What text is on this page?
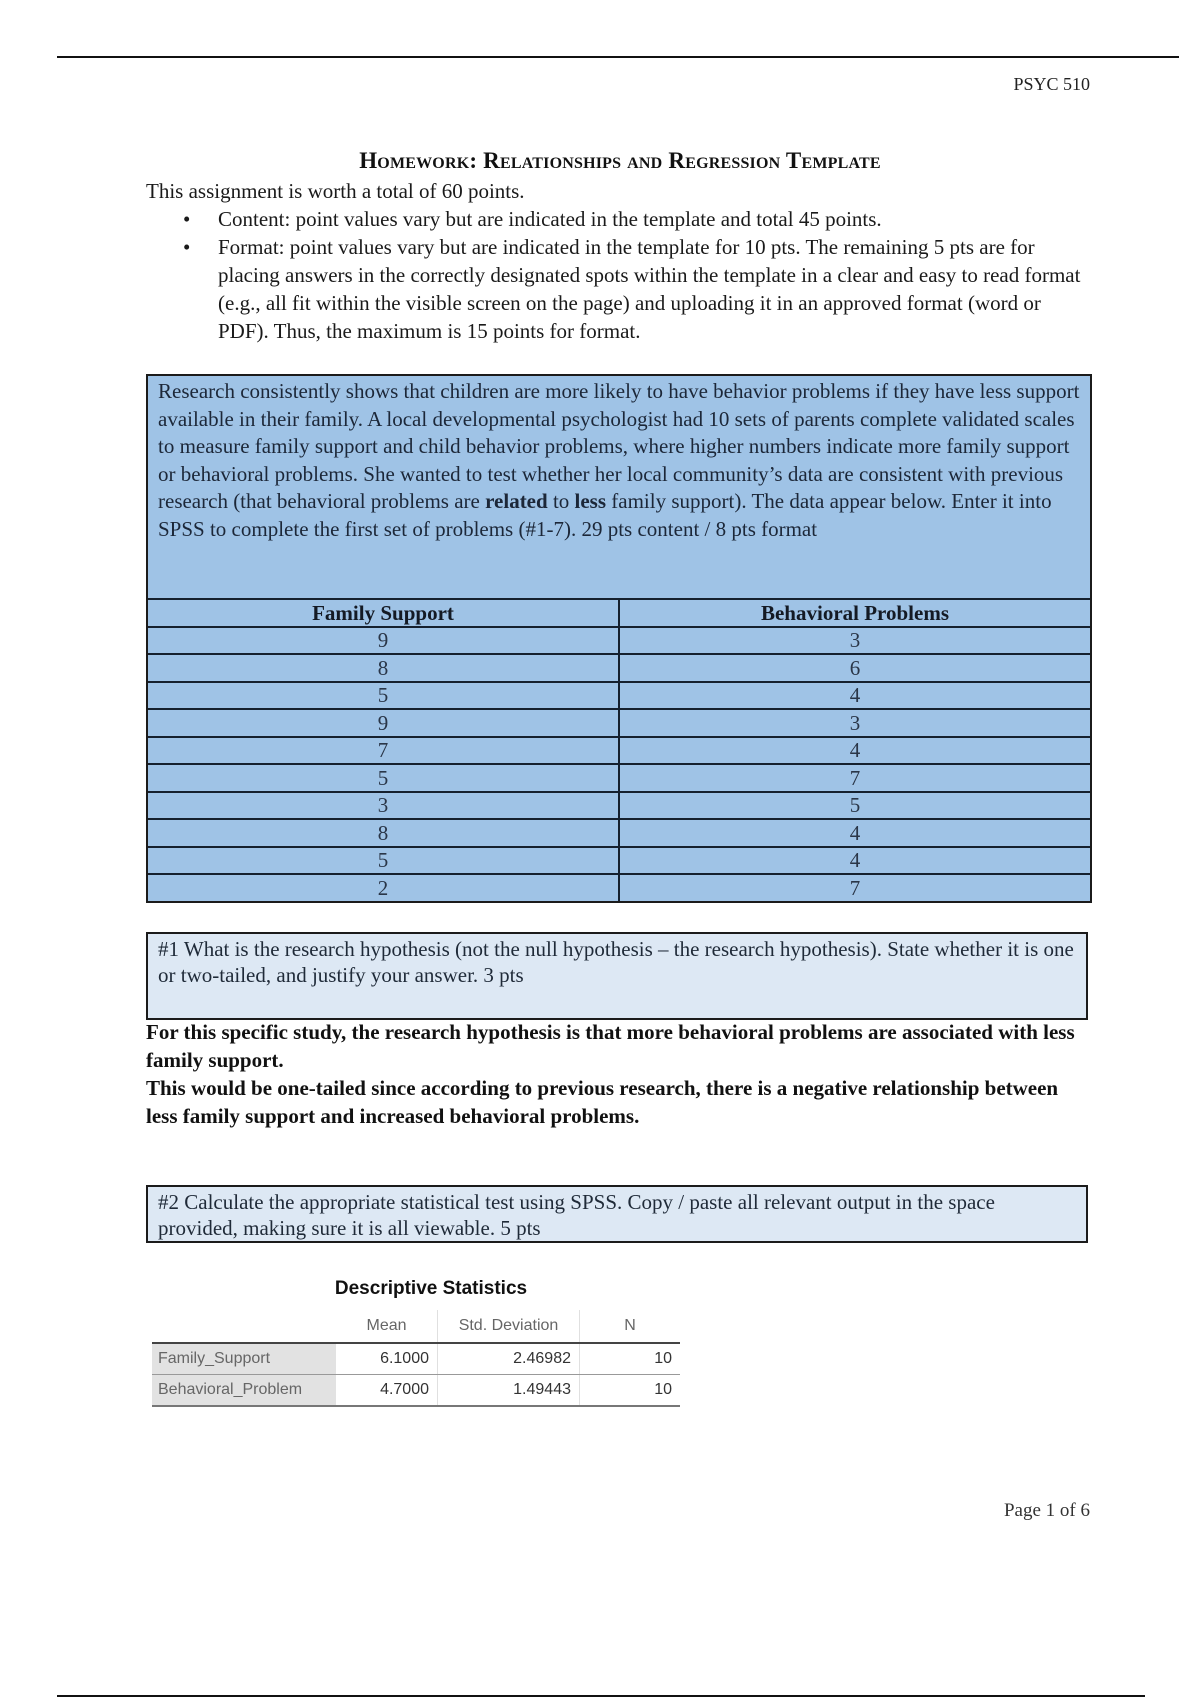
PSYC 510
Homework: Relationships and Regression Template
This assignment is worth a total of 60 points.
• Content: point values vary but are indicated in the template and total 45 points.
• Format: point values vary but are indicated in the template for 10 pts. The remaining 5 pts are for placing answers in the correctly designated spots within the template in a clear and easy to read format (e.g., all fit within the visible screen on the page) and uploading it in an approved format (word or PDF). Thus, the maximum is 15 points for format.
Research consistently shows that children are more likely to have behavior problems if they have less support available in their family. A local developmental psychologist had 10 sets of parents complete validated scales to measure family support and child behavior problems, where higher numbers indicate more family support or behavioral problems. She wanted to test whether her local community’s data are consistent with previous research (that behavioral problems are related to less family support). The data appear below. Enter it into SPSS to complete the first set of problems (#1-7). 29 pts content / 8 pts format
Family Support	Behavioral Problems
9	3
8	6
5	4
9	3
7	4
5	7
3	5
8	4
5	4
2	7
#1 What is the research hypothesis (not the null hypothesis – the research hypothesis). State whether it is one or two-tailed, and justify your answer. 3 pts
For this specific study, the research hypothesis is that more behavioral problems are associated with less family support.
This would be one-tailed since according to previous research, there is a negative relationship between less family support and increased behavioral problems.
#2 Calculate the appropriate statistical test using SPSS. Copy / paste all relevant output in the space provided, making sure it is all viewable. 5 pts
Descriptive Statistics
	Mean	Std. Deviation	N
Family_Support	6.1000	2.46982	10
Behavioral_Problem	4.7000	1.49443	10
Page 1 of 6
